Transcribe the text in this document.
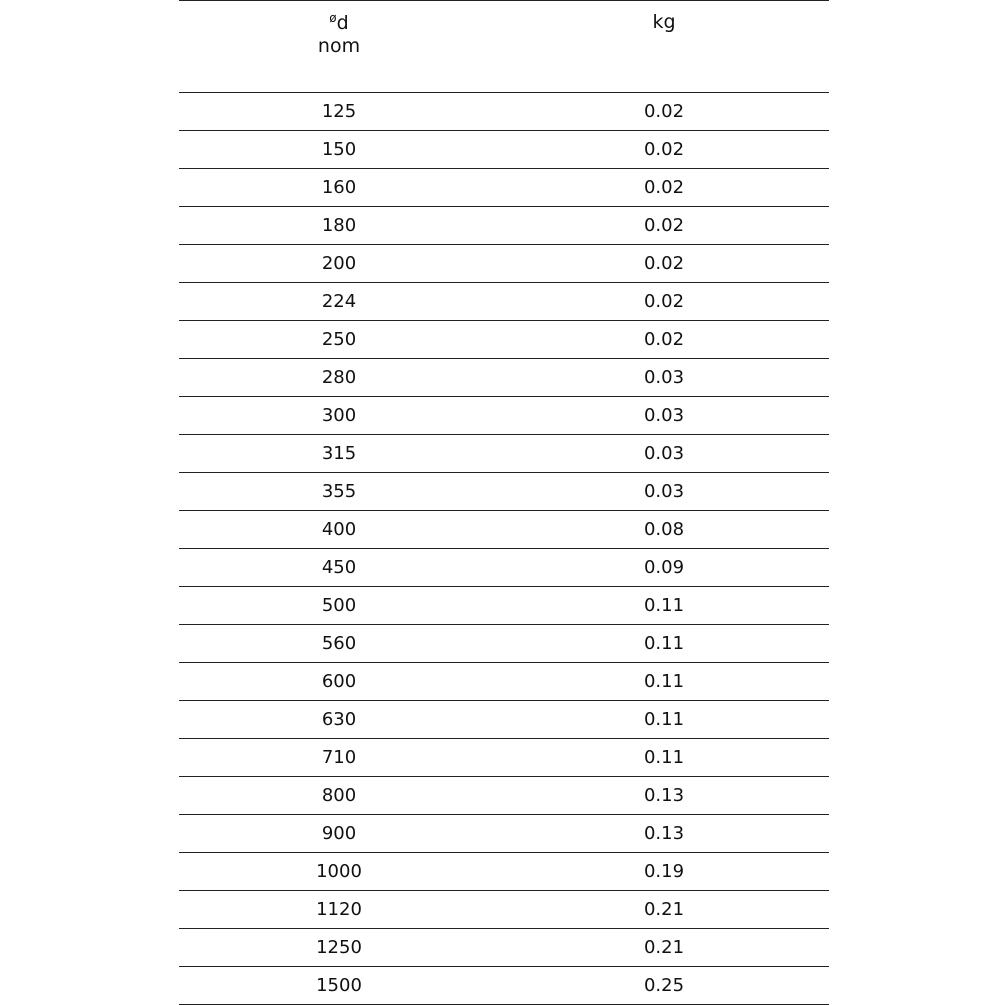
$^ø$d
nom	kg
125	0.02
150	0.02
160	0.02
180	0.02
200	0.02
224	0.02
250	0.02
280	0.03
300	0.03
315	0.03
355	0.03
400	0.08
450	0.09
500	0.11
560	0.11
600	0.11
630	0.11
710	0.11
800	0.13
900	0.13
1000	0.19
1120	0.21
1250	0.21
1500	0.25
